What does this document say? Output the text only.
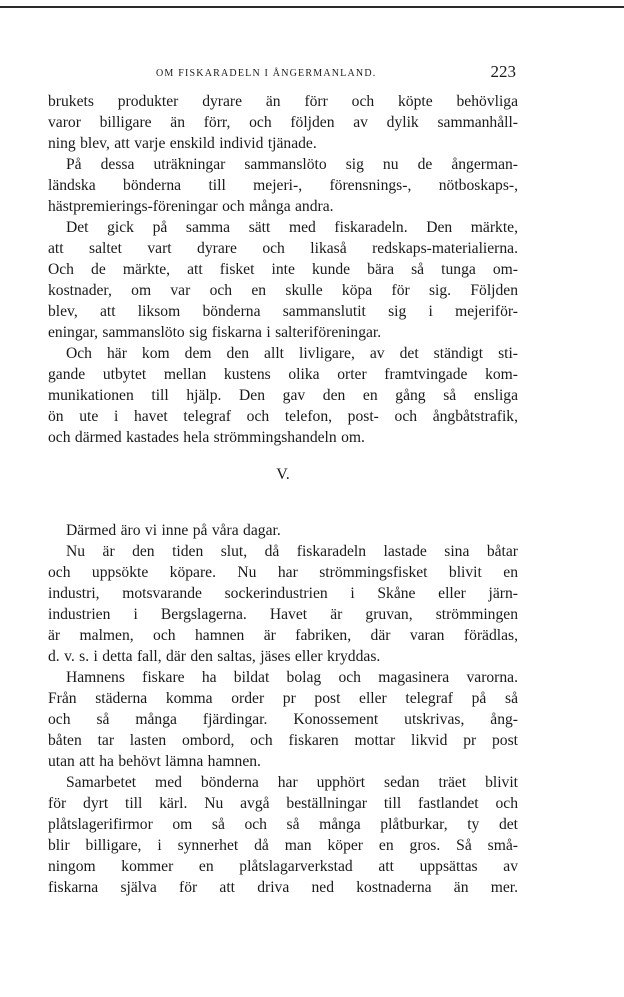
OM FISKARADELN I ÅNGERMANLAND.	223
brukets produkter dyrare än förr och köpte behövliga
varor billigare än förr, och följden av dylik sammanhåll-
ning blev, att varje enskild individ tjänade.
På dessa uträkningar sammanslöto sig nu de ångerman-
ländska bönderna till mejeri-, förensnings-, nötboskaps-,
hästpremierings-föreningar och många andra.
Det gick på samma sätt med fiskaradeln. Den märkte,
att saltet vart dyrare och likaså redskaps-materialierna.
Och de märkte, att fisket inte kunde bära så tunga om-
kostnader, om var och en skulle köpa för sig. Följden
blev, att liksom bönderna sammanslutit sig i mejeriför-
eningar, sammanslöto sig fiskarna i salteriföreningar.
Och här kom dem den allt livligare, av det ständigt sti-
gande utbytet mellan kustens olika orter framtvingade kom-
munikationen till hjälp. Den gav den en gång så ensliga
ön ute i havet telegraf och telefon, post- och ångbåtstrafik,
och därmed kastades hela strömmingshandeln om.
V.
Därmed äro vi inne på våra dagar.
Nu är den tiden slut, då fiskaradeln lastade sina båtar
och uppsökte köpare. Nu har strömmingsfisket blivit en
industri, motsvarande sockerindustrien i Skåne eller järn-
industrien i Bergslagerna. Havet är gruvan, strömmingen
är malmen, och hamnen är fabriken, där varan förädlas,
d. v. s. i detta fall, där den saltas, jäses eller kryddas.
Hamnens fiskare ha bildat bolag och magasinera varorna.
Från städerna komma order pr post eller telegraf på så
och så många fjärdingar. Konossement utskrivas, ång-
båten tar lasten ombord, och fiskaren mottar likvid pr post
utan att ha behövt lämna hamnen.
Samarbetet med bönderna har upphört sedan träet blivit
för dyrt till kärl. Nu avgå beställningar till fastlandet och
plåtslagerifirmor om så och så många plåtburkar, ty det
blir billigare, i synnerhet då man köper en gros. Så små-
ningom kommer en plåtslagarverkstad att uppsättas av
fiskarna själva för att driva ned kostnaderna än mer.
